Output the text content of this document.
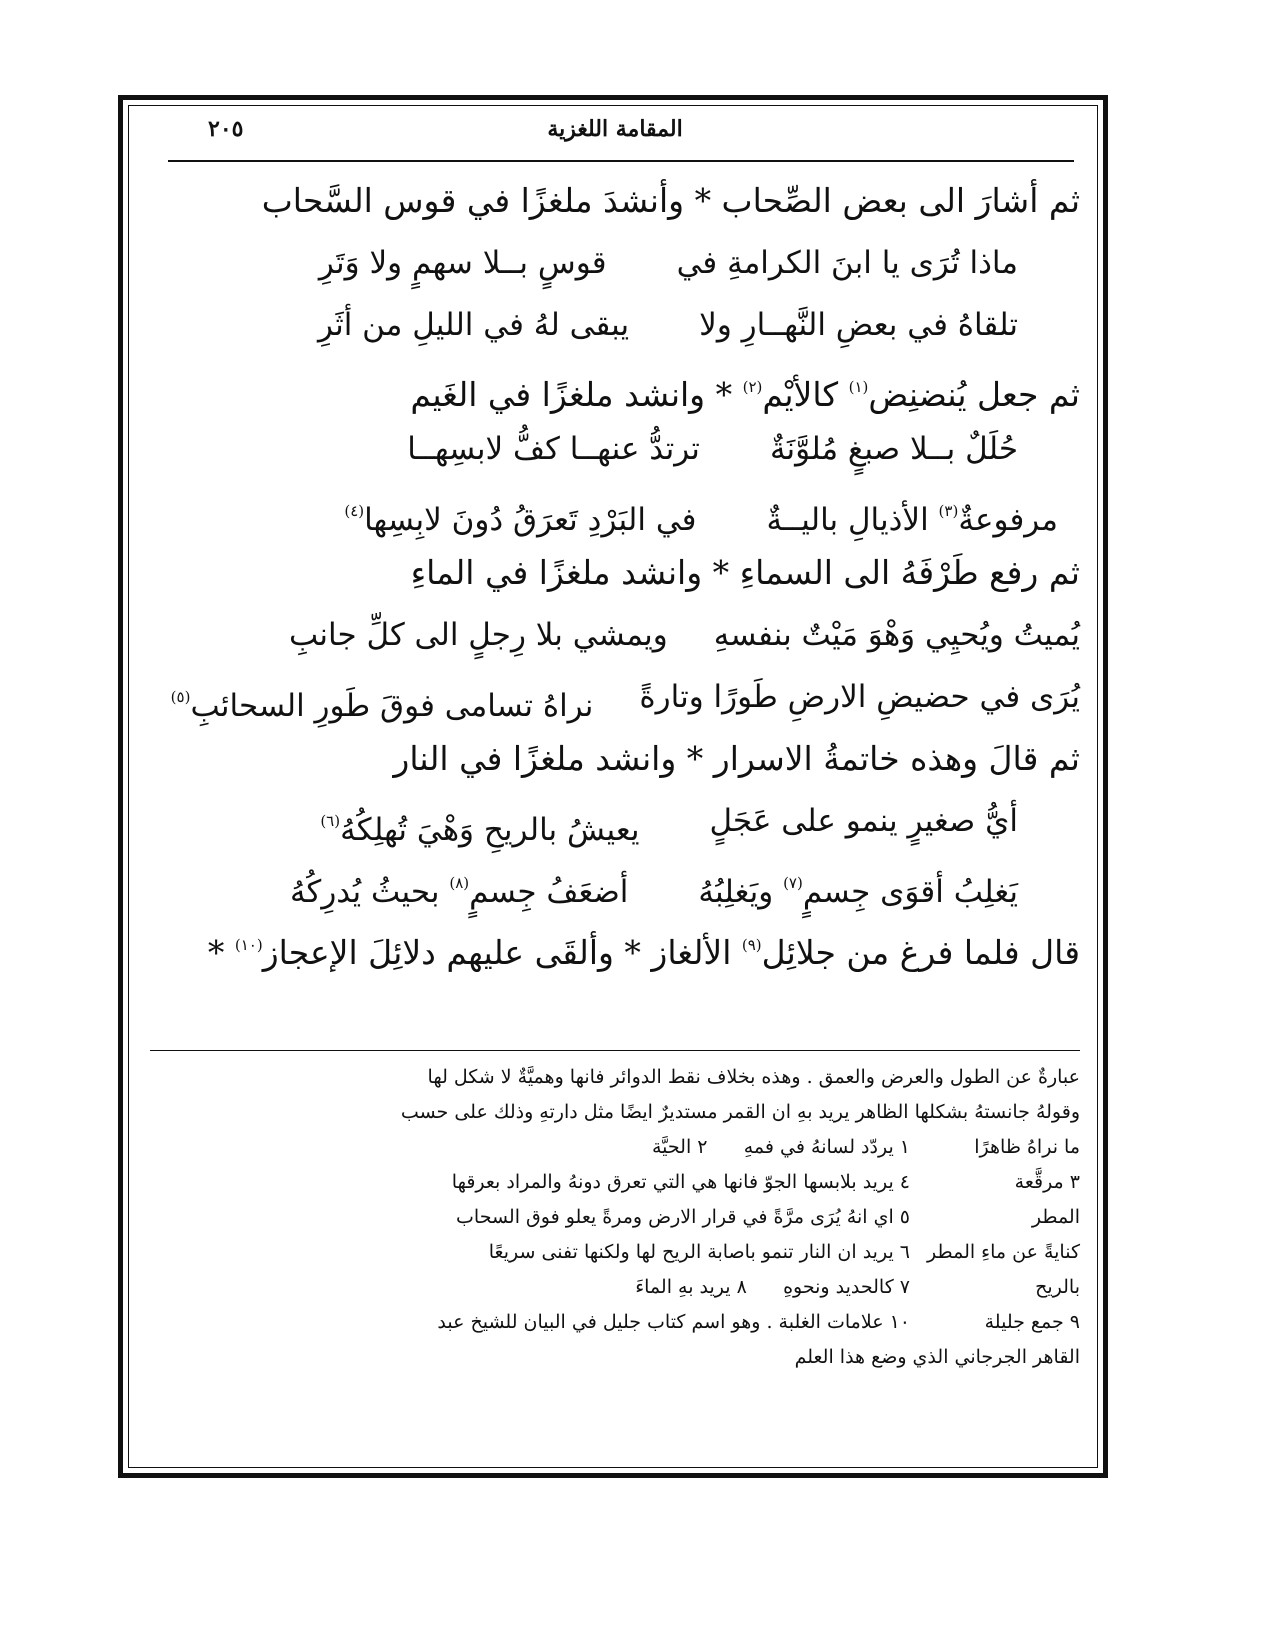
المقامة اللغزية
٢٠٥
ثم أشارَ الى بعض الصِّحاب * وأنشدَ ملغزًا في قوس السَّحاب
ماذا تُرَى يا ابنَ الكرامةِ في
قوسٍ بــلا سهمٍ ولا وَتَرِ
تلقاهُ في بعضِ النَّهــارِ ولا
يبقى لهُ في الليلِ من أثَرِ
ثم جعل يُنضنِض$^{(١)}$ كالأيْم$^{(٢)}$ * وانشد ملغزًا في الغَيم
حُلَلٌ بــلا صبغٍ مُلوَّنَةٌ
ترتدُّ عنهــا كفُّ لابسِهــا
مرفوعةٌ$^{(٣)}$ الأذيالِ باليــةٌ
في البَرْدِ تَعرَقُ دُونَ لابِسِها$^{(٤)}$
ثم رفع طَرْفَهُ الى السماءِ * وانشد ملغزًا في الماءِ
يُميتُ ويُحيِي وَهْوَ مَيْتٌ بنفسهِ
ويمشي بلا رِجلٍ الى كلِّ جانبِ
يُرَى في حضيضِ الارضِ طَورًا وتارةً
نراهُ تسامى فوقَ طَورِ السحائبِ$^{(٥)}$
ثم قالَ وهذه خاتمةُ الاسرار * وانشد ملغزًا في النار
أيُّ صغيرٍ ينمو على عَجَلٍ
يعيشُ بالريحِ وَهْيَ تُهلِكُهُ$^{(٦)}$
يَغلِبُ أقوَى جِسمٍ$^{(٧)}$ ويَغلِبُهُ
أضعَفُ جِسمٍ$^{(٨)}$ بحيثُ يُدرِكُهُ
قال فلما فرغ من جلائِل$^{(٩)}$ الألغاز * وألقَى عليهم دلائِلَ الإعجاز$^{(١٠)}$ *
عبارةٌ عن الطول والعرض والعمق . وهذه بخلاف نقط الدوائر فانها وهميَّةٌ لا شكل لها
وقولهُ جانستهُ بشكلها الظاهر يريد بهِ ان القمر مستديرٌ ايضًا مثل دارتهِ وذلك على حسب
ما نراهُ ظاهرًا
١ يردّد لسانهُ في فمهِ      ٢ الحيَّة
٣ مرقَّعة
٤ يريد بلابسها الجوّ فانها هي التي تعرق دونهُ والمراد بعرقها
المطر
٥ اي انهُ يُرَى مرَّةً في قرار الارض ومرةً يعلو فوق السحاب
كنايةً عن ماءِ المطر
٦ يريد ان النار تنمو باصابة الريح لها ولكنها تفنى سريعًا
بالريح
٧ كالحديد ونحوهِ      ٨ يريد بهِ الماءَ
٩ جمع جليلة
١٠ علامات الغلبة . وهو اسم كتاب جليل في البيان للشيخ عبد
القاهر الجرجاني الذي وضع هذا العلم
